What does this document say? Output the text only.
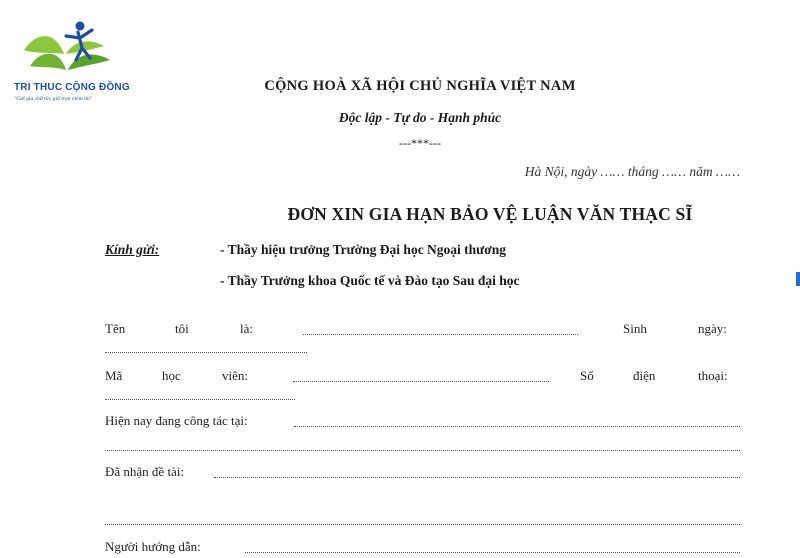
TRI THUC CỘNG ĐỒNG
"Gửi gia chữ tín, giữ trọn niềm tin"
CỘNG HOÀ XÃ HỘI CHỦ NGHĨA VIỆT NAM
Độc lập - Tự do - Hạnh phúc
---***---
Hà Nội, ngày …… tháng …… năm ……
ĐƠN XIN GIA HẠN BẢO VỆ LUẬN VĂN THẠC SĨ
Kính gửi:	- Thầy hiệu trưởng Trường Đại học Ngoại thương
- Thầy Trưởng khoa Quốc tế và Đào tạo Sau đại học
Tên	tôi	là:	Sinh	ngày:
Mã	học	viên:	Số	điện	thoại:
Hiện nay đang công tác tại:
Đã nhận đề tài:
Người hướng dẫn:
